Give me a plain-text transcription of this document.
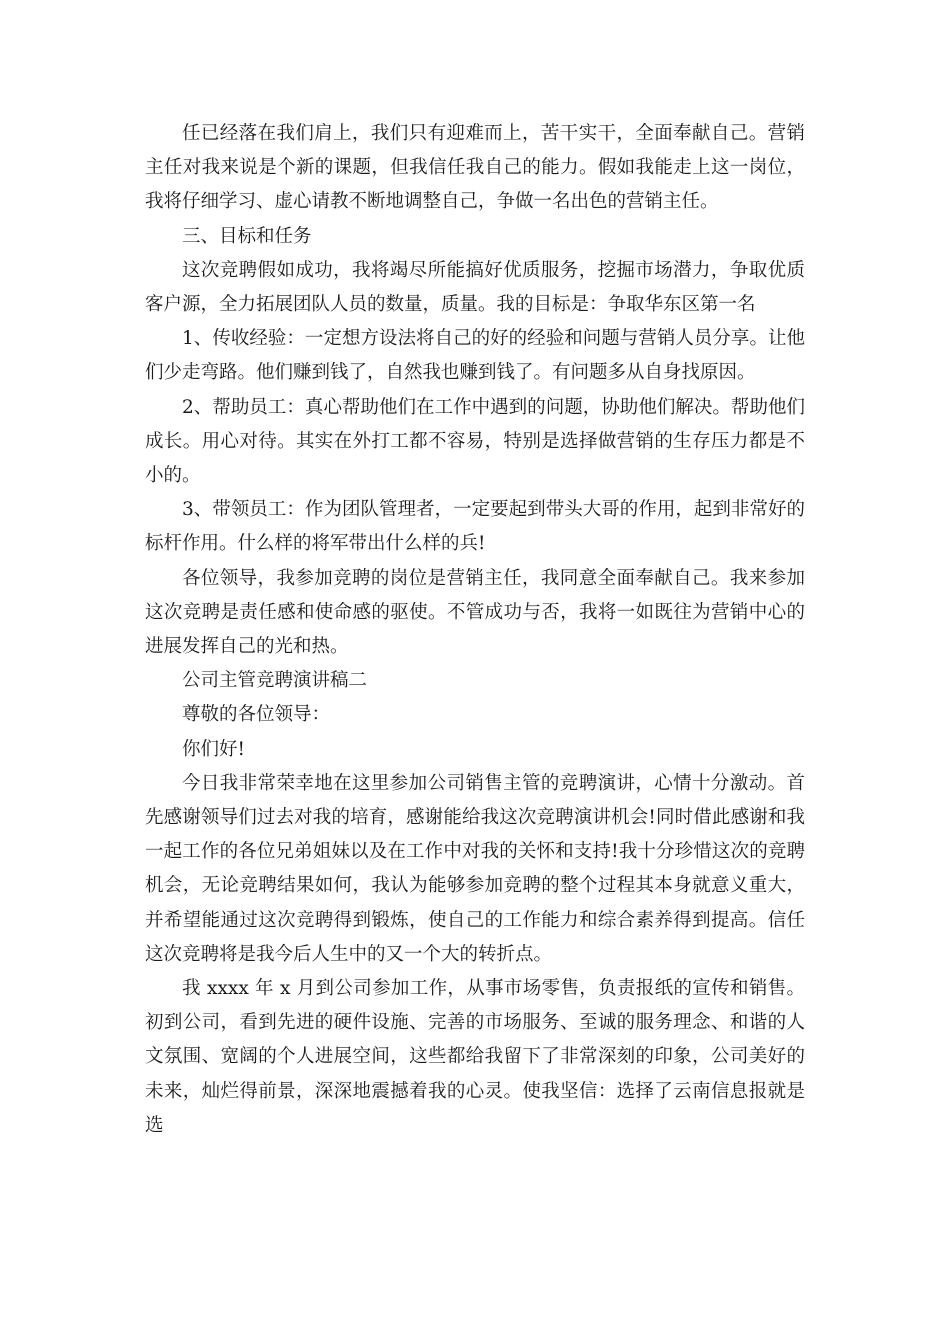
任已经落在我们肩上，我们只有迎难而上，苦干实干，全面奉献自己。营销主任对我来说是个新的课题，但我信任我自己的能力。假如我能走上这一岗位，我将仔细学习、虚心请教不断地调整自己，争做一名出色的营销主任。

三、目标和任务

这次竞聘假如成功，我将竭尽所能搞好优质服务，挖掘市场潜力，争取优质客户源，全力拓展团队人员的数量，质量。我的目标是：争取华东区第一名

1、传收经验：一定想方设法将自己的好的经验和问题与营销人员分享。让他们少走弯路。他们赚到钱了，自然我也赚到钱了。有问题多从自身找原因。

2、帮助员工：真心帮助他们在工作中遇到的问题，协助他们解决。帮助他们成长。用心对待。其实在外打工都不容易，特别是选择做营销的生存压力都是不小的。

3、带领员工：作为团队管理者，一定要起到带头大哥的作用，起到非常好的标杆作用。什么样的将军带出什么样的兵!

各位领导，我参加竞聘的岗位是营销主任，我同意全面奉献自己。我来参加这次竞聘是责任感和使命感的驱使。不管成功与否，我将一如既往为营销中心的进展发挥自己的光和热。

公司主管竞聘演讲稿二

尊敬的各位领导：

你们好!

今日我非常荣幸地在这里参加公司销售主管的竞聘演讲，心情十分激动。首先感谢领导们过去对我的培育，感谢能给我这次竞聘演讲机会!同时借此感谢和我一起工作的各位兄弟姐妹以及在工作中对我的关怀和支持!我十分珍惜这次的竞聘机会，无论竞聘结果如何，我认为能够参加竞聘的整个过程其本身就意义重大，并希望能通过这次竞聘得到锻炼，使自己的工作能力和综合素养得到提高。信任这次竞聘将是我今后人生中的又一个大的转折点。

我 xxxx 年 x 月到公司参加工作，从事市场零售，负责报纸的宣传和销售。初到公司，看到先进的硬件设施、完善的市场服务、至诚的服务理念、和谐的人文氛围、宽阔的个人进展空间，这些都给我留下了非常深刻的印象，公司美好的未来，灿烂得前景，深深地震撼着我的心灵。使我坚信：选择了云南信息报就是选
